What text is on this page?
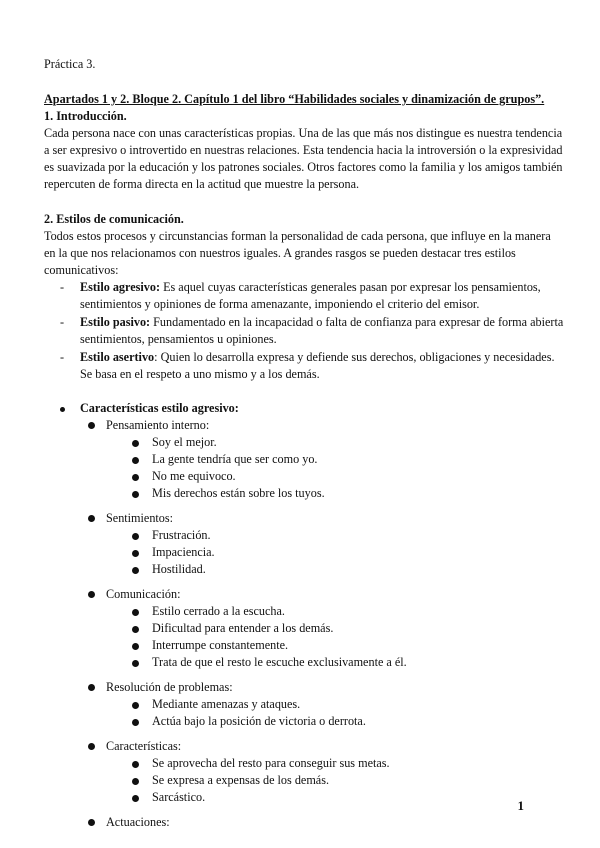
Práctica 3.

Apartados 1 y 2. Bloque 2. Capítulo 1 del libro “Habilidades sociales y dinamización de grupos”.

1. Introducción.

Cada persona nace con unas características propias. Una de las que más nos distingue es nuestra tendencia a ser expresivo o introvertido en nuestras relaciones. Esta tendencia hacia la introversión o la expresividad es suavizada por la educación y los patrones sociales. Otros factores como la familia y los amigos también repercuten de forma directa en la actitud que muestre la persona.

2. Estilos de comunicación.

Todos estos procesos y circunstancias forman la personalidad de cada persona, que influye en la manera en la que nos relacionamos con nuestros iguales. A grandes rasgos se pueden destacar tres estilos comunicativos:

- Estilo agresivo: Es aquel cuyas características generales pasan por expresar los pensamientos, sentimientos y opiniones de forma amenazante, imponiendo el criterio del emisor.
- Estilo pasivo: Fundamentado en la incapacidad o falta de confianza para expresar de forma abierta sentimientos, pensamientos u opiniones.
- Estilo asertivo: Quien lo desarrolla expresa y defiende sus derechos, obligaciones y necesidades. Se basa en el respeto a uno mismo y a los demás.
Características estilo agresivo:
Pensamiento interno:
Soy el mejor.
La gente tendría que ser como yo.
No me equivoco.
Mis derechos están sobre los tuyos.
Sentimientos:
Frustración.
Impaciencia.
Hostilidad.
Comunicación:
Estilo cerrado a la escucha.
Dificultad para entender a los demás.
Interrumpe constantemente.
Trata de que el resto le escuche exclusivamente a él.
Resolución de problemas:
Mediante amenazas y ataques.
Actúa bajo la posición de victoria o derrota.
Características:
Se aprovecha del resto para conseguir sus metas.
Se expresa a expensas de los demás.
Sarcástico.
Actuaciones:
1
